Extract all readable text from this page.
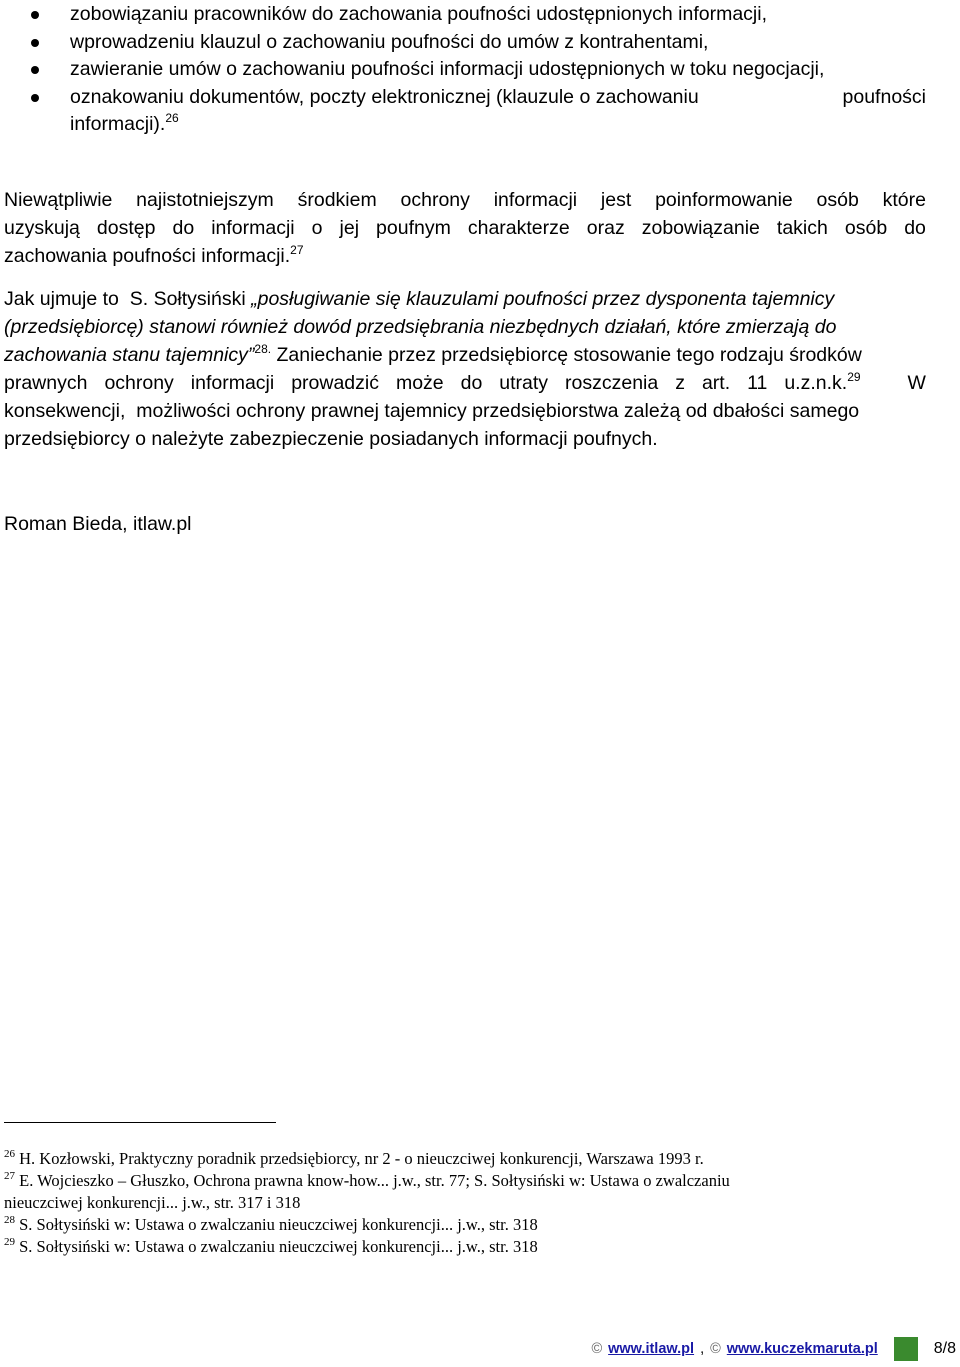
zobowiązaniu pracowników do zachowania poufności udostępnionych informacji,
wprowadzeniu klauzul o zachowaniu poufności do umów z kontrahentami,
zawieranie umów o zachowaniu poufności informacji udostępnionych w toku negocjacji,
oznakowaniu dokumentów, poczty elektronicznej (klauzule o zachowaniu	poufności
informacji).$^{26}$
Niewątpliwie najistotniejszym środkiem ochrony informacji jest poinformowanie osób które
uzyskują dostęp do informacji o jej poufnym charakterze oraz zobowiązanie takich osób do
zachowania poufności informacji.$^{27}$
Jak ujmuje to  S. Sołtysiński „posługiwanie się klauzulami poufności przez dysponenta tajemnicy
(przedsiębiorcę) stanowi również dowód przedsiębrania niezbędnych działań, które zmierzają do
zachowania stanu tajemnicy”$^{28.}$ Zaniechanie przez przedsiębiorcę stosowanie tego rodzaju środków
prawnych ochrony informacji prowadzić może do utraty roszczenia z art. 11 u.z.n.k.$^{29}$ W
konsekwencji,  możliwości ochrony prawnej tajemnicy przedsiębiorstwa zależą od dbałości samego
przedsiębiorcy o należyte zabezpieczenie posiadanych informacji poufnych.
Roman Bieda, itlaw.pl
$^{26}$ H. Kozłowski, Praktyczny poradnik przedsiębiorcy, nr 2 - o nieuczciwej konkurencji, Warszawa 1993 r.
$^{27}$ E. Wojcieszko – Głuszko, Ochrona prawna know-how... j.w., str. 77; S. Sołtysiński w: Ustawa o zwalczaniu
nieuczciwej konkurencji... j.w., str. 317 i 318
$^{28}$ S. Sołtysiński w: Ustawa o zwalczaniu nieuczciwej konkurencji... j.w., str. 318
$^{29}$ S. Sołtysiński w: Ustawa o zwalczaniu nieuczciwej konkurencji... j.w., str. 318
© www.itlaw.pl , © www.kuczekmaruta.pl	8/8
